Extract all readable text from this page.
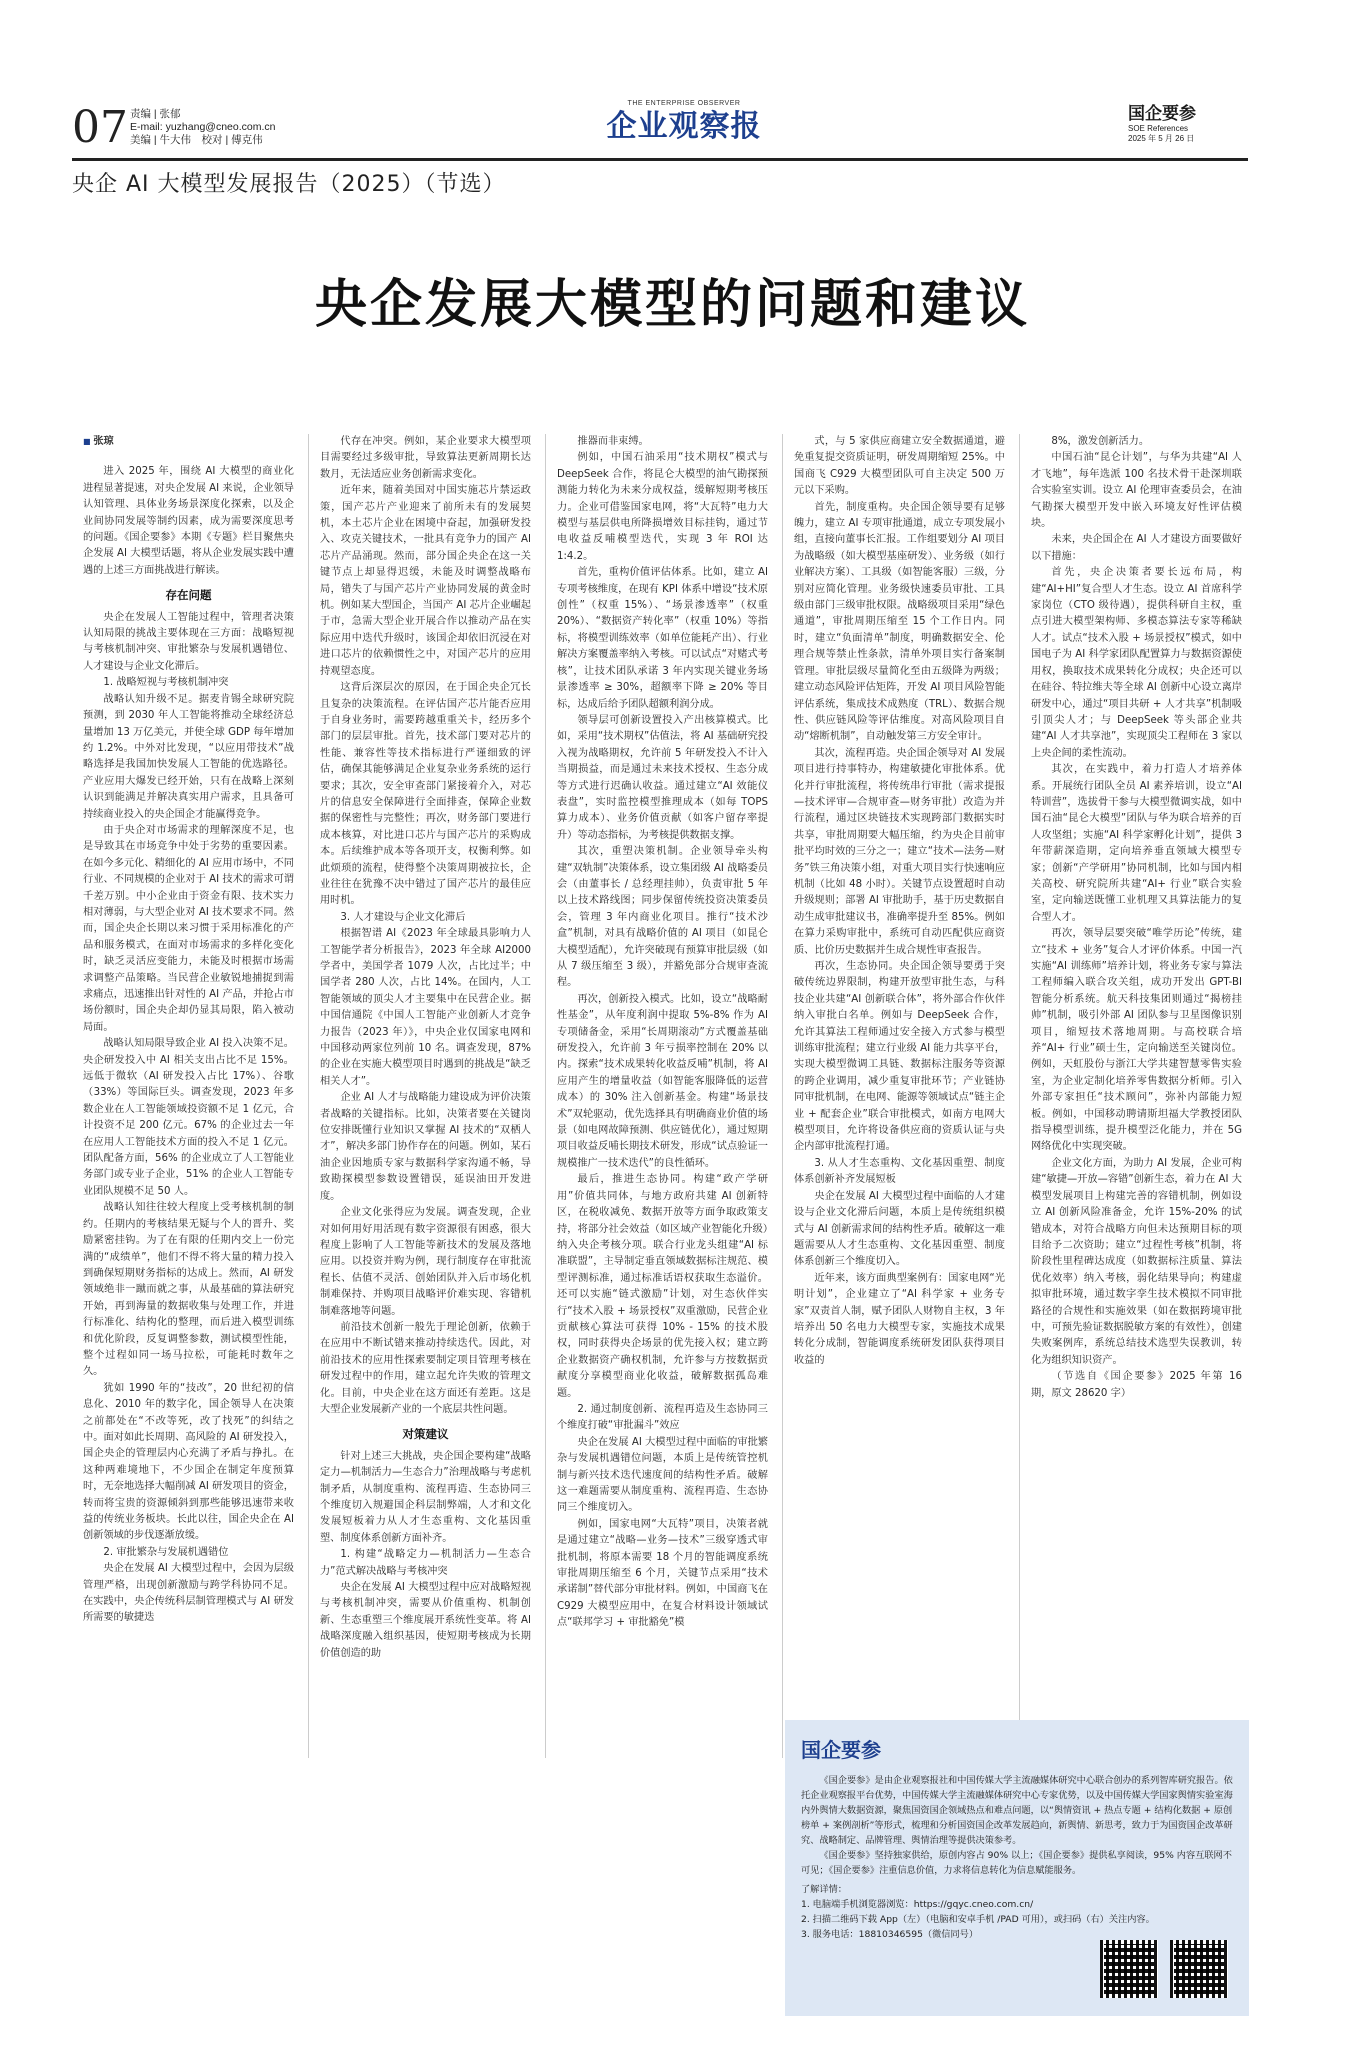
07 责编 | 张郁
E-mail: yuzhang@cneo.com.cn
美编 | 牛大伟　校对 | 傅克伟
THE ENTERPRISE OBSERVER
企业观察报	国企要参
SOE References
2025 年 5 月 26 日
央企 AI 大模型发展报告（2025）（节选）
央企发展大模型的问题和建议

■ 张琼

进入 2025 年，围绕 AI 大模型的商业化进程显著提速，对央企发展 AI 来说，企业领导认知管理、具体业务场景深度化探索，以及企业间协同发展等制约因素，成为需要深度思考的问题。《国企要参》本期《专题》栏目聚焦央企发展 AI 大模型话题，将从企业发展实践中遭遇的上述三方面挑战进行解读。

存在问题

央企在发展人工智能过程中，管理者决策认知局限的挑战主要体现在三方面：战略短视与考核机制冲突、审批繁杂与发展机遇错位、人才建设与企业文化滞后。

1. 战略短视与考核机制冲突

战略认知升级不足。据麦肯锡全球研究院预测，到 2030 年人工智能将推动全球经济总量增加 13 万亿美元，并使全球 GDP 每年增加约 1.2%。中外对比发现，“以应用带技术”战略选择是我国加快发展人工智能的优选路径。产业应用大爆发已经开始，只有在战略上深刻认识到能满足并解决真实用户需求，且具备可持续商业投入的央企国企才能赢得竞争。

由于央企对市场需求的理解深度不足，也是导致其在市场竞争中处于劣势的重要因素。在如今多元化、精细化的 AI 应用市场中，不同行业、不同规模的企业对于 AI 技术的需求可谓千差万别。中小企业由于资金有限、技术实力相对薄弱，与大型企业对 AI 技术要求不同。然而，国企央企长期以来习惯于采用标准化的产品和服务模式，在面对市场需求的多样化变化时，缺乏灵活应变能力，未能及时根据市场需求调整产品策略。当民营企业敏锐地捕捉到需求痛点，迅速推出针对性的 AI 产品，并抢占市场份额时，国企央企却仍显其局限，陷入被动局面。

战略认知局限导致企业 AI 投入决策不足。央企研发投入中 AI 相关支出占比不足 15%。远低于微软（AI 研发投入占比 17%）、谷歌（33%）等国际巨头。调查发现，2023 年多数企业在人工智能领域投资额不足 1 亿元，合计投资不足 200 亿元。67% 的企业过去一年在应用人工智能技术方面的投入不足 1 亿元。团队配备方面，56% 的企业成立了人工智能业务部门或专业子企业，51% 的企业人工智能专业团队规模不足 50 人。

战略认知往往较大程度上受考核机制的制约。任期内的考核结果无疑与个人的晋升、奖励紧密挂钩。为了在有限的任期内交上一份完满的“成绩单”，他们不得不将大量的精力投入到确保短期财务指标的达成上。然而，AI 研发领域绝非一蹴而就之事，从最基础的算法研究开始，再到海量的数据收集与处理工作，并进行标准化、结构化的整理，而后进入模型训练和优化阶段，反复调整参数，测试模型性能，整个过程如同一场马拉松，可能耗时数年之久。

犹如 1990 年的“技改”，20 世纪初的信息化、2010 年的数字化，国企领导人在决策之前都处在“不改等死，改了找死”的纠结之中。面对如此长周期、高风险的 AI 研发投入，国企央企的管理层内心充满了矛盾与挣扎。在这种两难境地下，不少国企在制定年度预算时，无奈地选择大幅削减 AI 研发项目的资金，转而将宝贵的资源倾斜到那些能够迅速带来收益的传统业务板块。长此以往，国企央企在 AI 创新领域的步伐逐渐放缓。

2. 审批繁杂与发展机遇错位

央企在发展 AI 大模型过程中，会因为层级管理严格，出现创新激励与跨学科协同不足。在实践中，央企传统科层制管理模式与 AI 研发所需要的敏捷迭

代存在冲突。例如，某企业要求大模型项目需要经过多级审批，导致算法更新周期长达数月，无法适应业务创新需求变化。

近年来，随着美国对中国实施芯片禁运政策，国产芯片产业迎来了前所未有的发展契机，本土芯片企业在困境中奋起，加强研发投入、攻克关键技术，一批具有竞争力的国产 AI 芯片产品涌现。然而，部分国企央企在这一关键节点上却显得迟缓，未能及时调整战略布局，错失了与国产芯片产业协同发展的黄金时机。例如某大型国企，当国产 AI 芯片企业崛起于市，急需大型企业开展合作以推动产品在实际应用中迭代升级时，该国企却依旧沉浸在对进口芯片的依赖惯性之中，对国产芯片的应用持观望态度。

这背后深层次的原因，在于国企央企冗长且复杂的决策流程。在评估国产芯片能否应用于自身业务时，需要跨越重重关卡，经历多个部门的层层审批。首先，技术部门要对芯片的性能、兼容性等技术指标进行严谨细致的评估，确保其能够满足企业复杂业务系统的运行要求；其次，安全审查部门紧接着介入，对芯片的信息安全保障进行全面排查，保障企业数据的保密性与完整性；再次，财务部门要进行成本核算，对比进口芯片与国产芯片的采购成本。后续维护成本等各项开支，权衡利弊。如此烦琐的流程，使得整个决策周期被拉长，企业往往在犹豫不决中错过了国产芯片的最佳应用时机。

3. 人才建设与企业文化滞后

根据智谱 AI《2023 年全球最具影响力人工智能学者分析报告》，2023 年全球 AI2000 学者中，美国学者 1079 人次，占比过半；中国学者 280 人次，占比 14%。在国内，人工智能领域的顶尖人才主要集中在民营企业。据中国信通院《中国人工智能产业创新人才竞争力报告（2023 年）》，中央企业仅国家电网和中国移动两家位列前 10 名。调查发现，87% 的企业在实施大模型项目时遇到的挑战是“缺乏相关人才”。

企业 AI 人才与战略能力建设成为评价决策者战略的关键指标。比如，决策者要在关键岗位安排既懂行业知识又掌握 AI 技术的“双栖人才”，解决多部门协作存在的问题。例如，某石油企业因地质专家与数据科学家沟通不畅，导致勘探模型参数设置错误，延误油田开发进度。

企业文化张得应为发展。调查发现，企业对如何用好用活现有数字资源很有困惑，很大程度上影响了人工智能等新技术的发展及落地应用。以投资并购为例，现行制度存在审批流程长、估值不灵活、创始团队并入后市场化机制难保持、并购项目战略评价难实现、容错机制难落地等问题。

前沿技术创新一般先于理论创新，依赖于在应用中不断试错来推动持续迭代。因此，对前沿技术的应用性探索要制定项目管理考核在研发过程中的作用，建立起允许失败的管理文化。目前，中央企业在这方面还有差距。这是大型企业发展新产业的一个底层共性问题。

对策建议

针对上述三大挑战，央企国企要构建“战略定力—机制活力—生态合力”治理战略与考虑机制矛盾，从制度重构、流程再造、生态协同三个维度切入规避国企科层制弊端，人才和文化发展短板着力从人才生态重构、文化基因重塑、制度体系创新方面补齐。

1. 构建“战略定力—机制活力—生态合力”范式解决战略与考核冲突

央企在发展 AI 大模型过程中应对战略短视与考核机制冲突，需要从价值重构、机制创新、生态重塑三个维度展开系统性变革。将 AI 战略深度融入组织基因，使短期考核成为长期价值创造的助

推器而非束缚。

例如，中国石油采用“技术期权”模式与 DeepSeek 合作，将昆仑大模型的油气勘探预测能力转化为未来分成权益，缓解短期考核压力。企业可借鉴国家电网，将“大瓦特”电力大模型与基层供电所降损增效目标挂钩，通过节电收益反哺模型迭代，实现 3 年 ROI 达 1:4.2。

首先，重构价值评估体系。比如，建立 AI 专项考核维度，在现有 KPI 体系中增设“技术原创性”（权重 15%）、“场景渗透率”（权重 20%）、“数据资产转化率”（权重 10%）等指标，将模型训练效率（如单位能耗产出）、行业解决方案覆盖率纳入考核。可以试点“对赌式考核”，让技术团队承诺 3 年内实现关键业务场景渗透率 ≥ 30%，超额率下降 ≥ 20% 等目标，达成后给予团队超额利润分成。

领导层可创新设置投入产出核算模式。比如，采用“技术期权”估值法，将 AI 基础研究投入视为战略期权，允许前 5 年研发投入不计入当期损益，而是通过未来技术授权、生态分成等方式进行迟确认收益。通过建立“AI 效能仪表盘”，实时监控模型推理成本（如每 TOPS 算力成本）、业务价值贡献（如客户留存率提升）等动态指标，为考核提供数据支撑。

其次，重塑决策机制。企业领导牵头构建“双轨制”决策体系，设立集团级 AI 战略委员会（由董事长 / 总经理挂帅），负责审批 5 年以上技术路线图；同步保留传统投资决策委员会，管理 3 年内商业化项目。推行“技术沙盒”机制，对具有战略价值的 AI 项目（如昆仑大模型适配），允许突破现有预算审批层级（如从 7 级压缩至 3 级），并豁免部分合规审查流程。

再次，创新投入模式。比如，设立“战略耐性基金”，从年度利润中提取 5%-8% 作为 AI 专项储备金，采用“长周期滚动”方式覆盖基础研发投入，允许前 3 年亏损率控制在 20% 以内。探索“技术成果转化收益反哺”机制，将 AI 应用产生的增量收益（如智能客服降低的运营成本）的 30% 注入创新基金。构建“场景技术”双轮驱动，优先选择具有明确商业价值的场景（如电网故障预测、供应链优化），通过短期项目收益反哺长期技术研发，形成“试点验证一规模推广一技术迭代”的良性循环。

最后，推进生态协同。构建“政产学研用”价值共同体，与地方政府共建 AI 创新特区，在税收减免、数据开放等方面争取政策支持，将部分社会效益（如区域产业智能化升级）纳入央企考核分项。联合行业龙头组建“AI 标准联盟”，主导制定垂直领域数据标注规范、模型评测标准，通过标准话语权获取生态溢价。还可以实施“链式激励”计划，对生态伙伴实行“技术入股 + 场景授权”双重激励，民营企业贡献核心算法可获得 10% - 15% 的技术股权，同时获得央企场景的优先接入权；建立跨企业数据资产确权机制，允许参与方按数据贡献度分享模型商业化收益，破解数据孤岛难题。

2. 通过制度创新、流程再造及生态协同三个维度打破“审批漏斗”效应

央企在发展 AI 大模型过程中面临的审批繁杂与发展机遇错位问题，本质上是传统管控机制与新兴技术迭代速度间的结构性矛盾。破解这一难题需要从制度重构、流程再造、生态协同三个维度切入。

例如，国家电网“大瓦特”项目，决策者就是通过建立“战略—业务—技术”三级穿透式审批机制，将原本需要 18 个月的智能调度系统审批周期压缩至 6 个月，关键节点采用“技术承诺制”替代部分审批材料。例如，中国商飞在 C929 大模型应用中，在复合材料设计领域试点“联邦学习 + 审批豁免”模

式，与 5 家供应商建立安全数据通道，避免重复提交资质证明，研发周期缩短 25%。中国商飞 C929 大模型团队可自主决定 500 万元以下采购。

首先，制度重构。央企国企领导要有足够魄力，建立 AI 专项审批通道，成立专项发展小组，直接向董事长汇报。工作组要划分 AI 项目为战略级（如大模型基座研发）、业务级（如行业解决方案）、工具级（如智能客服）三级，分别对应简化管理。业务级快速委员审批、工具级由部门三级审批权限。战略级项目采用“绿色通道”，审批周期压缩至 15 个工作日内。同时，建立“负面清单”制度，明确数据安全、伦理合规等禁止性条款，清单外项目实行备案制管理。审批层级尽量简化至由五级降为两级；建立动态风险评估矩阵，开发 AI 项目风险智能评估系统，集成技术成熟度（TRL）、数据合规性、供应链风险等评估维度。对高风险项目自动“熔断机制”，自动触发第三方安全审计。

其次，流程再造。央企国企领导对 AI 发展项目进行持事特办，构建敏捷化审批体系。优化并行审批流程，将传统串行审批（需求提报—技术评审—合规审查—财务审批）改造为并行流程，通过区块链技术实现跨部门数据实时共享，审批周期要大幅压缩，约为央企目前审批平均时效的三分之一；建立“技术—法务—财务”铁三角决策小组，对重大项目实行快速响应机制（比如 48 小时）。关键节点设置超时自动升级规则；部署 AI 审批助手，基于历史数据自动生成审批建议书，准确率提升至 85%。例如在算力采购审批中，系统可自动匹配供应商资质、比价历史数据并生成合规性审查报告。

再次，生态协同。央企国企领导要勇于突破传统边界限制，构建开放型审批生态，与科技企业共建“AI 创新联合体”，将外部合作伙伴纳入审批白名单。例如与 DeepSeek 合作，允许其算法工程师通过安全接入方式参与模型训练审批流程；建立行业级 AI 能力共享平台，实现大模型微调工具链、数据标注服务等资源的跨企业调用，减少重复审批环节；产业链协同审批机制，在电网、能源等领域试点“链主企业 + 配套企业”联合审批模式，如南方电网大模型项目，允许将设备供应商的资质认证与央企内部审批流程打通。

3. 从人才生态重构、文化基因重塑、制度体系创新补齐发展短板

央企在发展 AI 大模型过程中面临的人才建设与企业文化滞后问题，本质上是传统组织模式与 AI 创新需求间的结构性矛盾。破解这一难题需要从人才生态重构、文化基因重塑、制度体系创新三个维度切入。

近年来，该方面典型案例有：国家电网“光明计划”，企业建立了“AI 科学家 + 业务专家”双责首人制，赋予团队人财物自主权，3 年培养出 50 名电力大模型专家，实施技术成果转化分成制，智能调度系统研发团队获得项目收益的

8%，激发创新活力。

中国石油“昆仑计划”，与华为共建“AI 人才飞地”，每年选派 100 名技术骨干赴深圳联合实验室实训。设立 AI 伦理审查委员会，在油气勘探大模型开发中嵌入环境友好性评估模块。

未来，央企国企在 AI 人才建设方面要做好以下措施：

首先，央企决策者要长远布局，构建“AI+HI”复合型人才生态。设立 AI 首席科学家岗位（CTO 级待遇），提供科研自主权，重点引进大模型架构师、多模态算法专家等稀缺人才。试点“技术入股 + 场景授权”模式，如中国电子为 AI 科学家团队配置算力与数据资源使用权，换取技术成果转化分成权；央企还可以在硅谷、特拉维夫等全球 AI 创新中心设立离岸研发中心，通过“项目共研 + 人才共享”机制吸引顶尖人才；与 DeepSeek 等头部企业共建“AI 人才共享池”，实现顶尖工程师在 3 家以上央企间的柔性流动。

其次，在实践中，着力打造人才培养体系。开展统行团队全员 AI 素养培训，设立“AI 特训营”，选拔骨干参与大模型微调实战，如中国石油“昆仑大模型”团队与华为联合培养的百人攻坚组；实施“AI 科学家孵化计划”，提供 3 年带薪深造期，定向培养垂直领域大模型专家；创新“产学研用”协同机制，比如与国内相关高校、研究院所共建“AI+ 行业”联合实验室，定向输送既懂工业机理又具算法能力的复合型人才。

再次，领导层要突破“唯学历论”传统，建立“技术 + 业务”复合人才评价体系。中国一汽实施“AI 训练师”培养计划，将业务专家与算法工程师编入联合攻关组，成功开发出 GPT-BI 智能分析系统。航天科技集团则通过“揭榜挂帅”机制，吸引外部 AI 团队参与卫星图像识别项目，缩短技术落地周期。与高校联合培养“AI+ 行业”硕士生，定向输送至关键岗位。例如，天虹股份与浙江大学共建智慧零售实验室，为企业定制化培养零售数据分析师。引入外部专家担任“技术顾问”，弥补内部能力短板。例如，中国移动聘请斯坦福大学教授团队指导模型训练，提升模型泛化能力，并在 5G 网络优化中实现突破。

企业文化方面，为助力 AI 发展，企业可构建“敏捷—开放—容错”创新生态，着力在 AI 大模型发展项目上构建完善的容错机制，例如设立 AI 创新风险准备金，允许 15%-20% 的试错成本，对符合战略方向但未达预期目标的项目给予二次资助；建立“过程性考核”机制，将阶段性里程碑达成度（如数据标注质量、算法优化效率）纳入考核，弱化结果导向；构建虚拟审批环境，通过数字孪生技术模拟不同审批路径的合规性和实施效果（如在数据跨境审批中，可预先验证数据脱敏方案的有效性），创建失败案例库，系统总结技术选型失误教训，转化为组织知识资产。

（节选自《国企要参》2025 年第 16 期，原文 28620 字）

国企要参

《国企要参》是由企业观察报社和中国传媒大学主流融媒体研究中心联合创办的系列智库研究报告。依托企业观察报平台优势，中国传媒大学主流融媒体研究中心专家优势，以及中国传媒大学国家舆情实验室海内外舆情大数据资源，聚焦国资国企领域热点和难点问题，以“舆情资讯 + 热点专题 + 结构化数据 + 原创榜单 + 案例剖析”等形式，梳理和分析国资国企改革发展趋向，新舆情、新思考，致力于为国资国企改革研究、战略制定、品牌管理、舆情治理等提供决策参考。

《国企要参》坚持独家供给，原创内容占 90% 以上；《国企要参》提供私享阅读，95% 内容互联网不可见；《国企要参》注重信息价值，力求将信息转化为信息赋能服务。

了解详情：
1. 电脑端手机浏览器浏览：https://gqyc.cneo.com.cn/
2. 扫描二维码下载 App（左）（电脑和安卓手机 /PAD 可用），或扫码（右）关注内容。
3. 服务电话：18810346595（微信同号）
